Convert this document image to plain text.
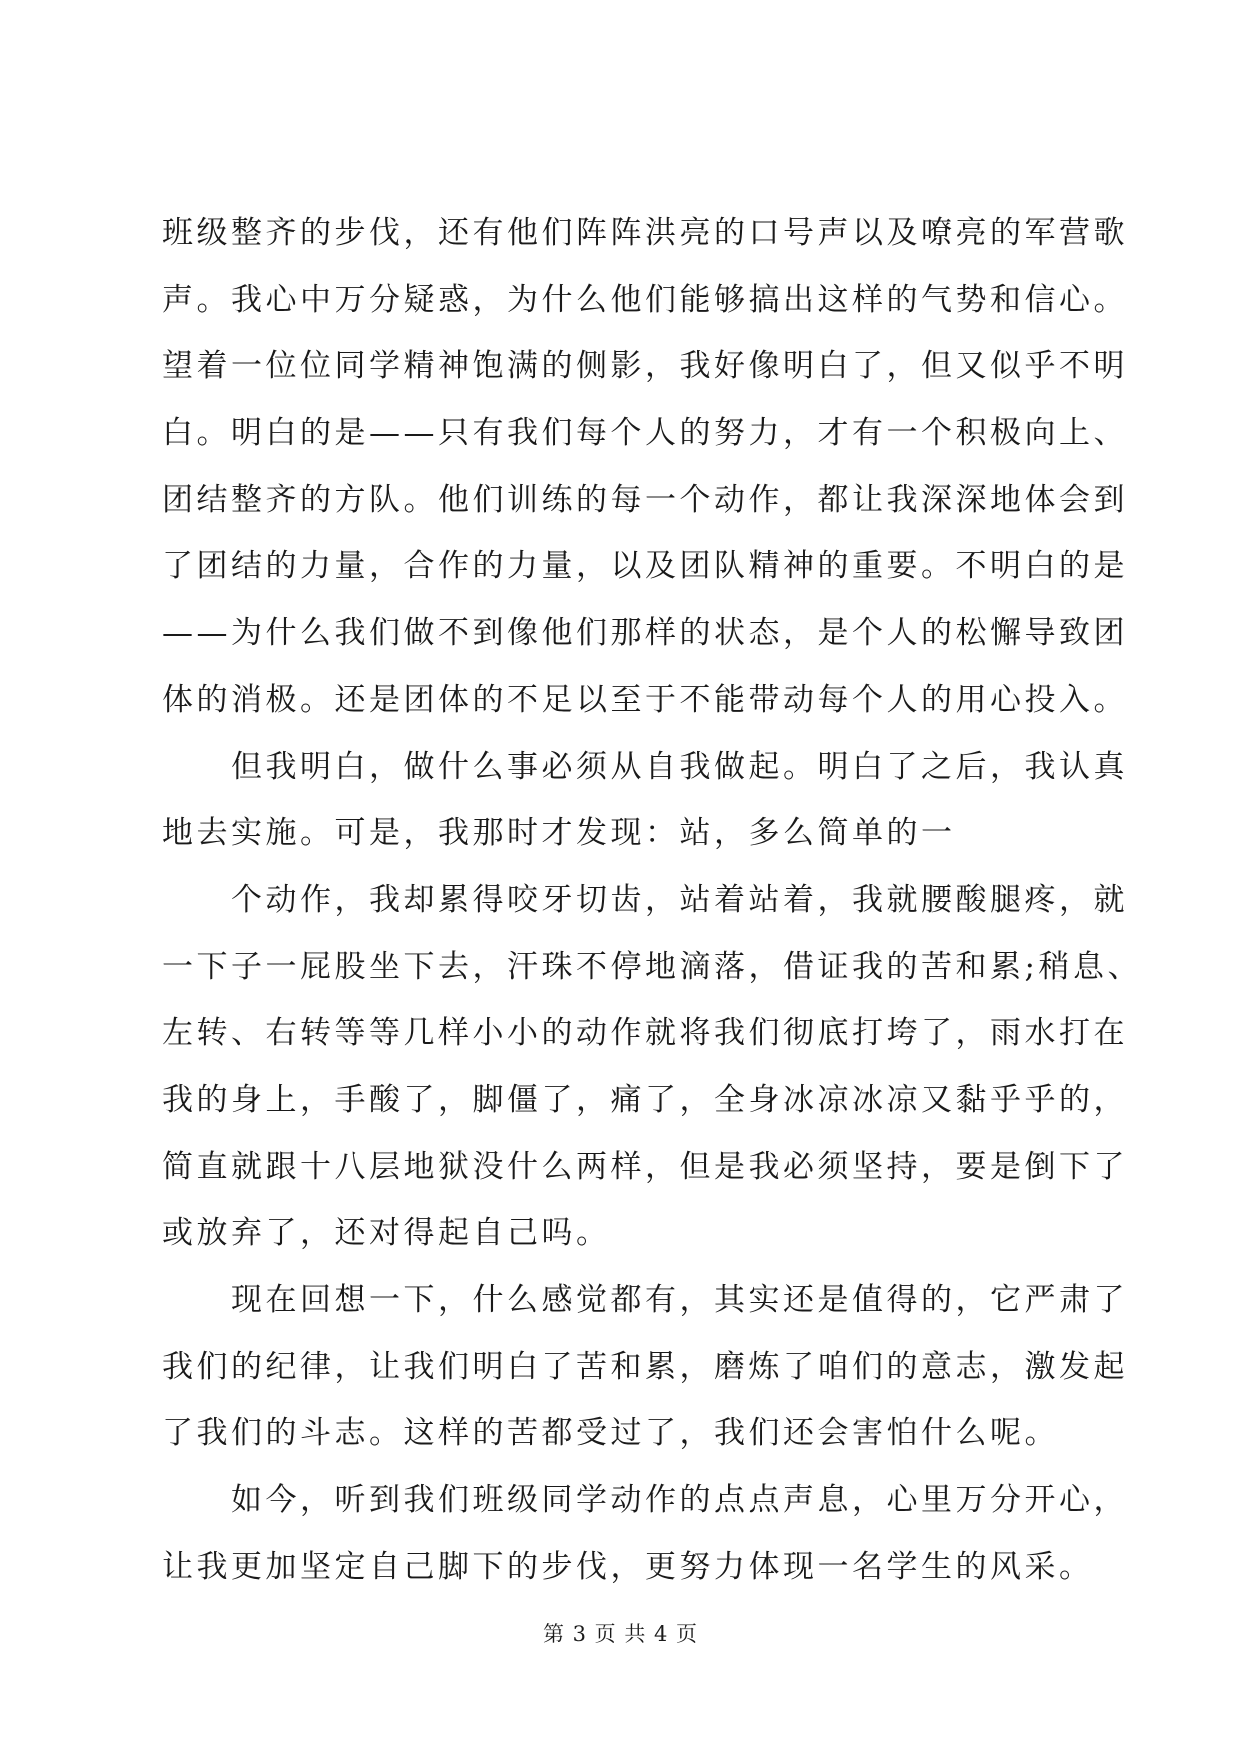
班级整齐的步伐，还有他们阵阵洪亮的口号声以及嘹亮的军营歌
声。我心中万分疑惑，为什么他们能够搞出这样的气势和信心。
望着一位位同学精神饱满的侧影，我好像明白了，但又似乎不明
白。明白的是——只有我们每个人的努力，才有一个积极向上、
团结整齐的方队。他们训练的每一个动作，都让我深深地体会到
了团结的力量，合作的力量，以及团队精神的重要。不明白的是
——为什么我们做不到像他们那样的状态，是个人的松懈导致团
体的消极。还是团体的不足以至于不能带动每个人的用心投入。
　　但我明白，做什么事必须从自我做起。明白了之后，我认真
地去实施。可是，我那时才发现：站，多么简单的一
　　个动作，我却累得咬牙切齿，站着站着，我就腰酸腿疼，就
一下子一屁股坐下去，汗珠不停地滴落，借证我的苦和累;稍息、
左转、右转等等几样小小的动作就将我们彻底打垮了，雨水打在
我的身上，手酸了，脚僵了，痛了，全身冰凉冰凉又黏乎乎的，
简直就跟十八层地狱没什么两样，但是我必须坚持，要是倒下了
或放弃了，还对得起自己吗。
　　现在回想一下，什么感觉都有，其实还是值得的，它严肃了
我们的纪律，让我们明白了苦和累，磨炼了咱们的意志，激发起
了我们的斗志。这样的苦都受过了，我们还会害怕什么呢。
　　如今，听到我们班级同学动作的点点声息，心里万分开心，
让我更加坚定自己脚下的步伐，更努力体现一名学生的风采。
第 3 页 共 4 页
